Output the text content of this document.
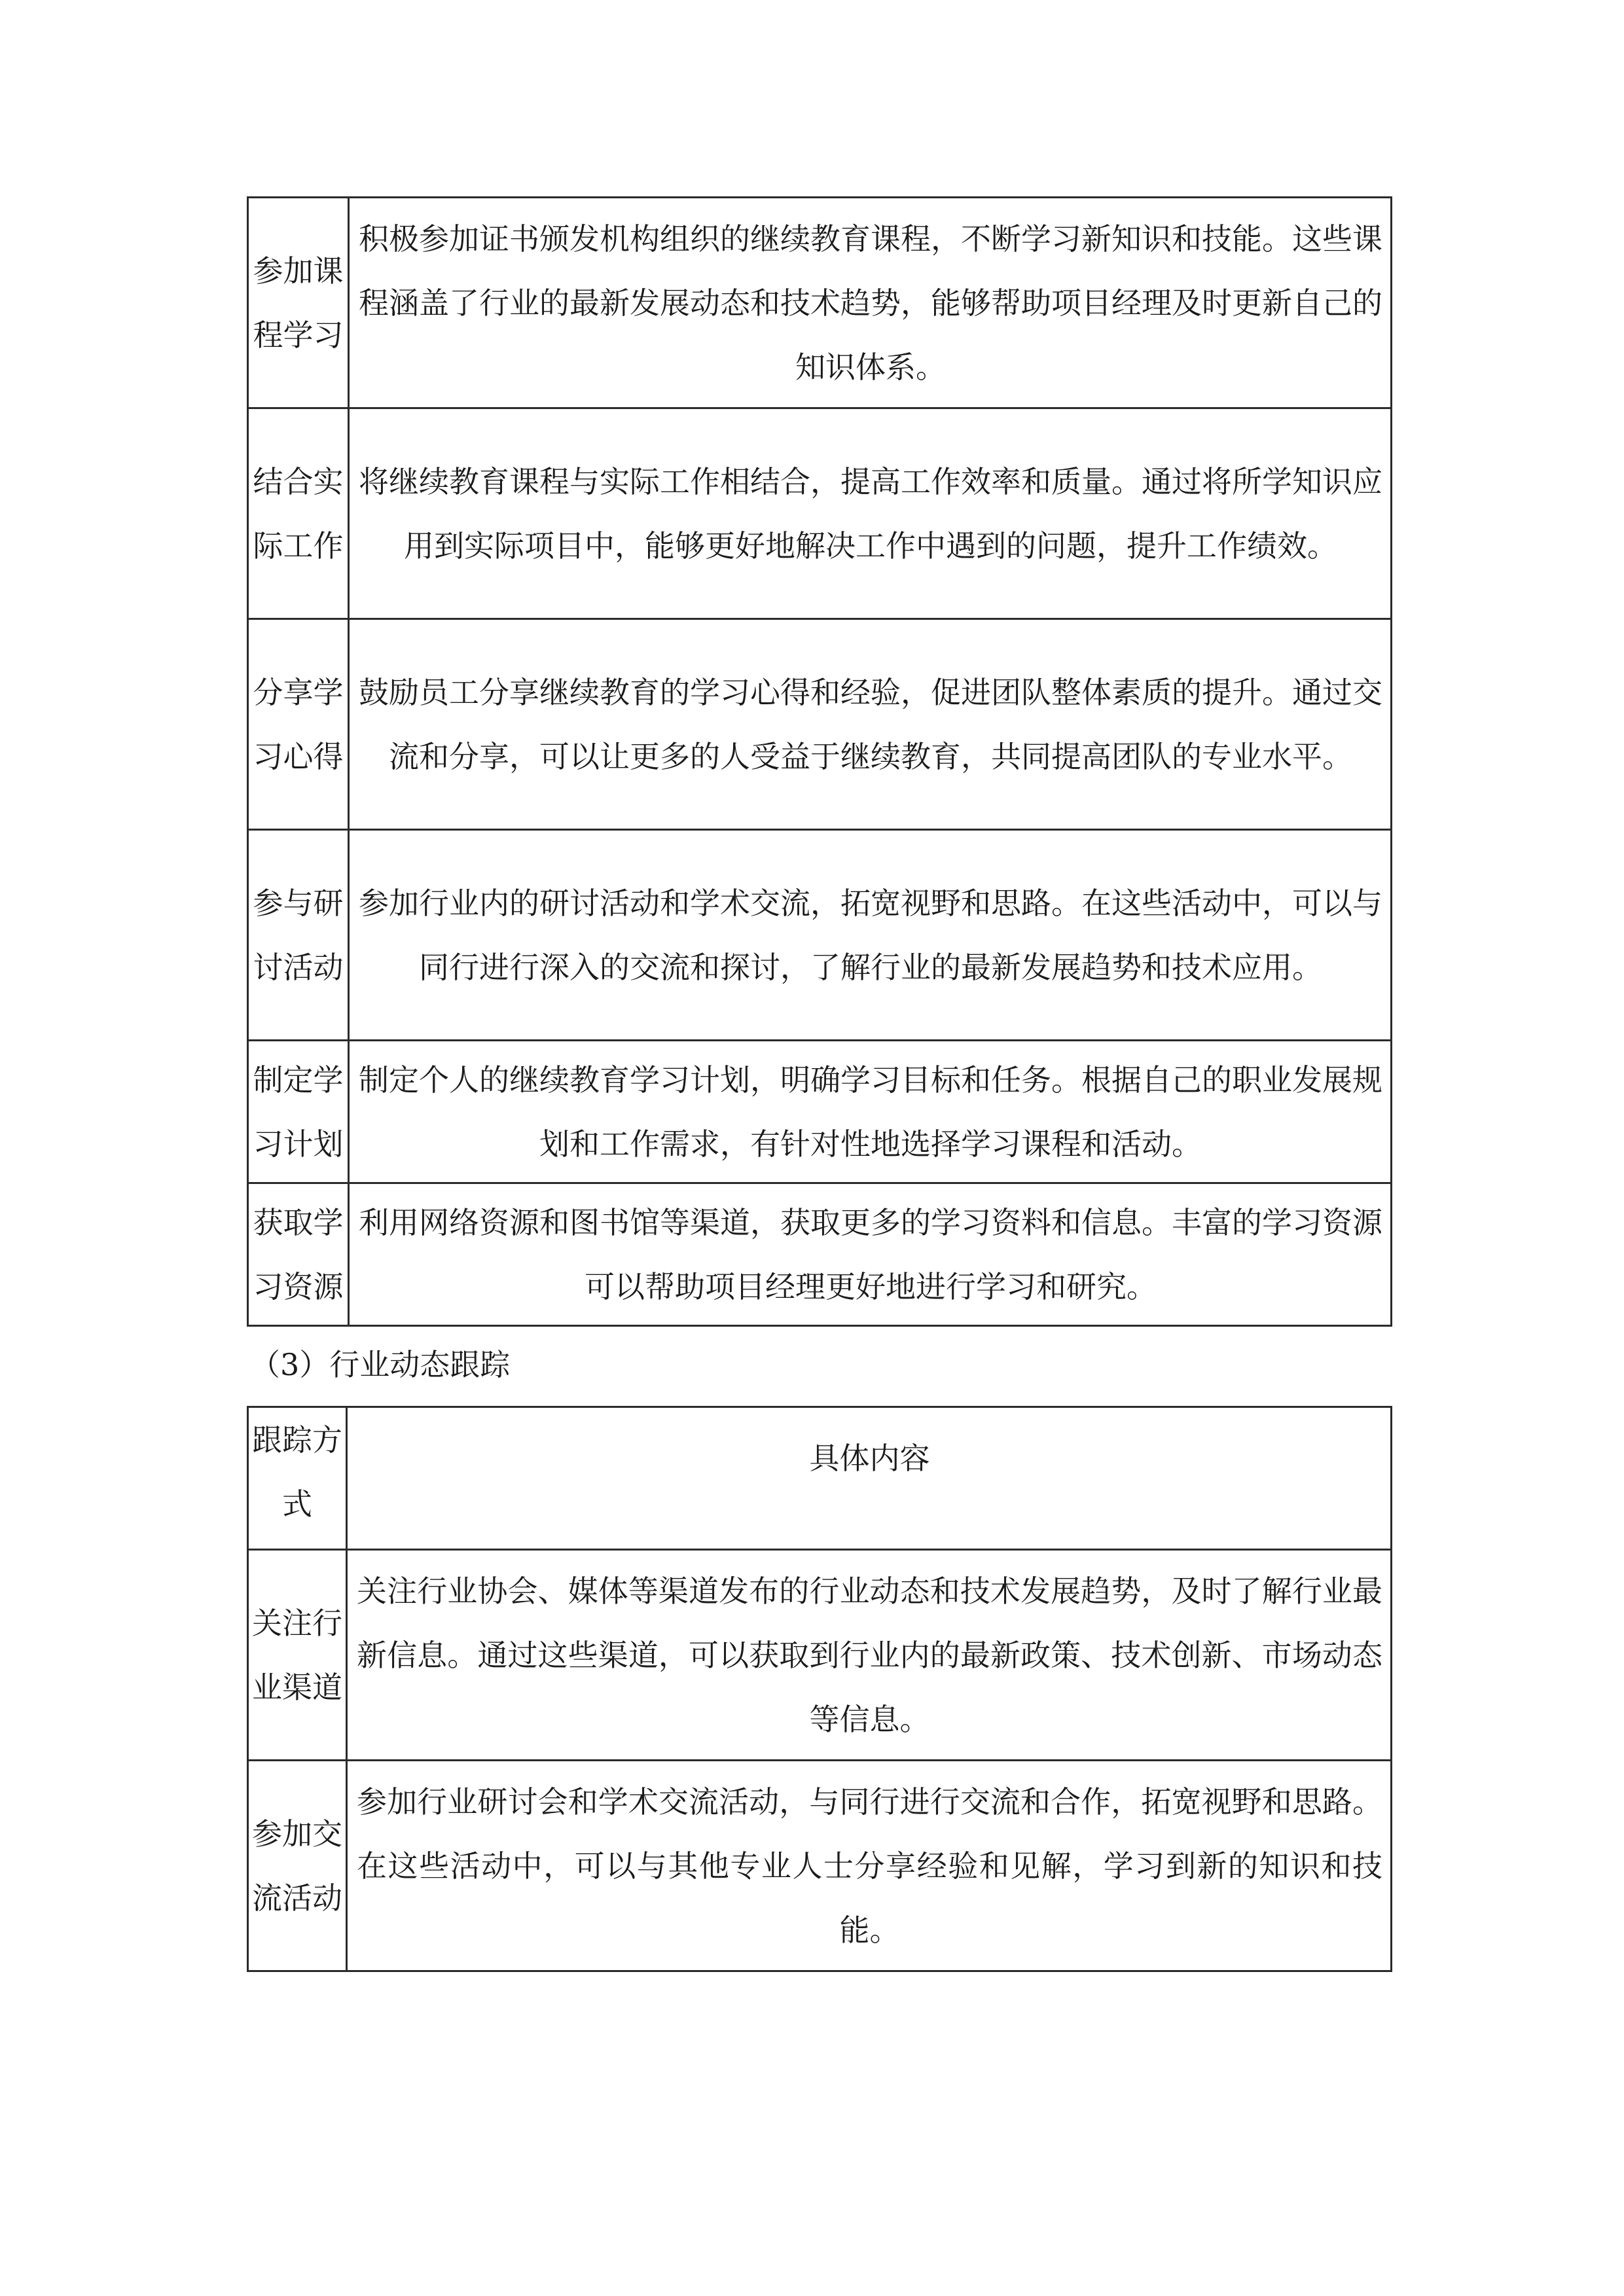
参加课程学习	积极参加证书颁发机构组织的继续教育课程，不断学习新知识和技能。这些课程涵盖了行业的最新发展动态和技术趋势，能够帮助项目经理及时更新自己的知识体系。
结合实际工作	将继续教育课程与实际工作相结合，提高工作效率和质量。通过将所学知识应用到实际项目中，能够更好地解决工作中遇到的问题，提升工作绩效。
分享学习心得	鼓励员工分享继续教育的学习心得和经验，促进团队整体素质的提升。通过交流和分享，可以让更多的人受益于继续教育，共同提高团队的专业水平。
参与研讨活动	参加行业内的研讨活动和学术交流，拓宽视野和思路。在这些活动中，可以与同行进行深入的交流和探讨，了解行业的最新发展趋势和技术应用。
制定学习计划	制定个人的继续教育学习计划，明确学习目标和任务。根据自己的职业发展规划和工作需求，有针对性地选择学习课程和活动。
获取学习资源	利用网络资源和图书馆等渠道，获取更多的学习资料和信息。丰富的学习资源可以帮助项目经理更好地进行学习和研究。

（3）行业动态跟踪

跟踪方式	具体内容
关注行业渠道	关注行业协会、媒体等渠道发布的行业动态和技术发展趋势，及时了解行业最新信息。通过这些渠道，可以获取到行业内的最新政策、技术创新、市场动态等信息。
参加交流活动	参加行业研讨会和学术交流活动，与同行进行交流和合作，拓宽视野和思路。在这些活动中，可以与其他专业人士分享经验和见解，学习到新的知识和技能。
